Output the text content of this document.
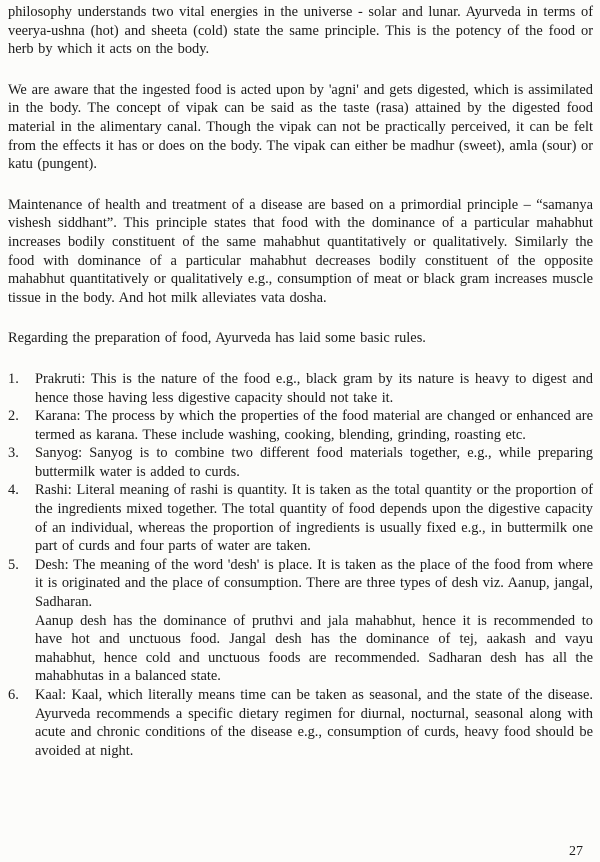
philosophy understands two vital energies in the universe - solar and lunar. Ayurveda in terms of veerya-ushna (hot) and sheeta (cold) state the same principle. This is the potency of the food or herb by which it acts on the body.

We are aware that the ingested food is acted upon by 'agni' and gets digested, which is assimilated in the body. The concept of vipak can be said as the taste (rasa) attained by the digested food material in the alimentary canal. Though the vipak can not be practically perceived, it can be felt from the effects it has or does on the body. The vipak can either be madhur (sweet), amla (sour) or katu (pungent).

Maintenance of health and treatment of a disease are based on a primordial principle – “samanya vishesh siddhant”. This principle states that food with the dominance of a particular mahabhut increases bodily constituent of the same mahabhut quantitatively or qualitatively. Similarly the food with dominance of a particular mahabhut decreases bodily constituent of the opposite mahabhut quantitatively or qualitatively e.g., consumption of meat or black gram increases muscle tissue in the body. And hot milk alleviates vata dosha.

Regarding the preparation of food, Ayurveda has laid some basic rules.

1.	Prakruti: This is the nature of the food e.g., black gram by its nature is heavy to digest and hence those having less digestive capacity should not take it.
2.	Karana: The process by which the properties of the food material are changed or enhanced are termed as karana. These include washing, cooking, blending, grinding, roasting etc.
3.	Sanyog: Sanyog is to combine two different food materials together, e.g., while preparing buttermilk water is added to curds.
4.	Rashi: Literal meaning of rashi is quantity. It is taken as the total quantity or the proportion of the ingredients mixed together. The total quantity of food depends upon the digestive capacity of an individual, whereas the proportion of ingredients is usually fixed e.g., in buttermilk one part of curds and four parts of water are taken.
5.	Desh: The meaning of the word 'desh' is place. It is taken as the place of the food from where it is originated and the place of consumption. There are three types of desh viz. Aanup, jangal, Sadharan.
Aanup desh has the dominance of pruthvi and jala mahabhut, hence it is recommended to have hot and unctuous food. Jangal desh has the dominance of tej, aakash and vayu mahabhut, hence cold and unctuous foods are recommended. Sadharan desh has all the mahabhutas in a balanced state.
6.	Kaal: Kaal, which literally means time can be taken as seasonal, and the state of the disease. Ayurveda recommends a specific dietary regimen for diurnal, nocturnal, seasonal along with acute and chronic conditions of the disease e.g., consumption of curds, heavy food should be avoided at night.
27
